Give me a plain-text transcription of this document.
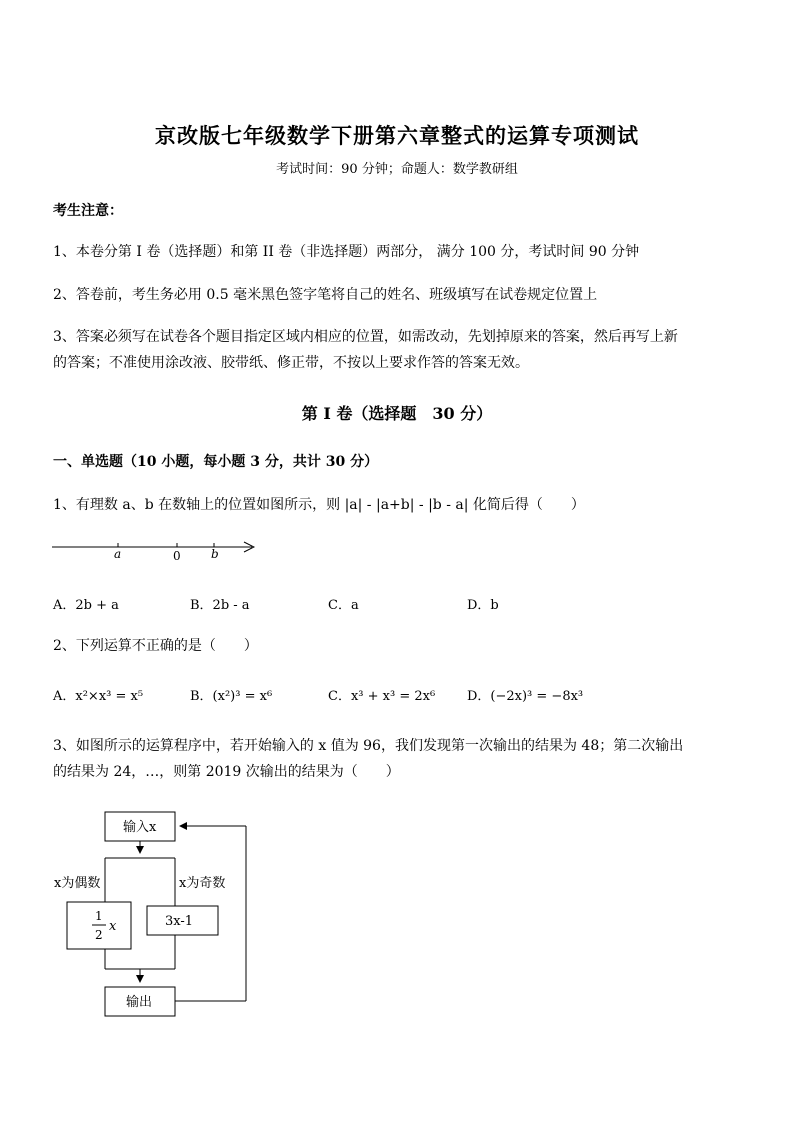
京改版七年级数学下册第六章整式的运算专项测试
考试时间：90 分钟；命题人：数学教研组
考生注意：
1、本卷分第 I 卷（选择题）和第 II 卷（非选择题）两部分， 满分 100 分，考试时间 90 分钟
2、答卷前，考生务必用 0.5 毫米黑色签字笔将自己的姓名、班级填写在试卷规定位置上
3、答案必须写在试卷各个题目指定区域内相应的位置，如需改动，先划掉原来的答案，然后再写上新
的答案；不准使用涂改液、胶带纸、修正带，不按以上要求作答的答案无效。
第 I 卷（选择题　30 分）
一、单选题（10 小题，每小题 3 分，共计 30 分）
1、有理数 a、b 在数轴上的位置如图所示，则 |a| - |a+b| - |b - a| 化简后得（　　）
a	0	b
A．2b + a	B．2b - a	C．a	D．b
2、下列运算不正确的是（　　）
A．x²×x³ = x⁵	B．(x²)³ = x⁶	C．x³ + x³ = 2x⁶ D．(−2x)³ = −8x³
3、如图所示的运算程序中，若开始输入的 x 值为 96，我们发现第一次输出的结果为 48；第二次输出
的结果为 24，…，则第 2019 次输出的结果为（　　）
输入x
x为偶数	x为奇数
1
2
x	3x-1
输出
